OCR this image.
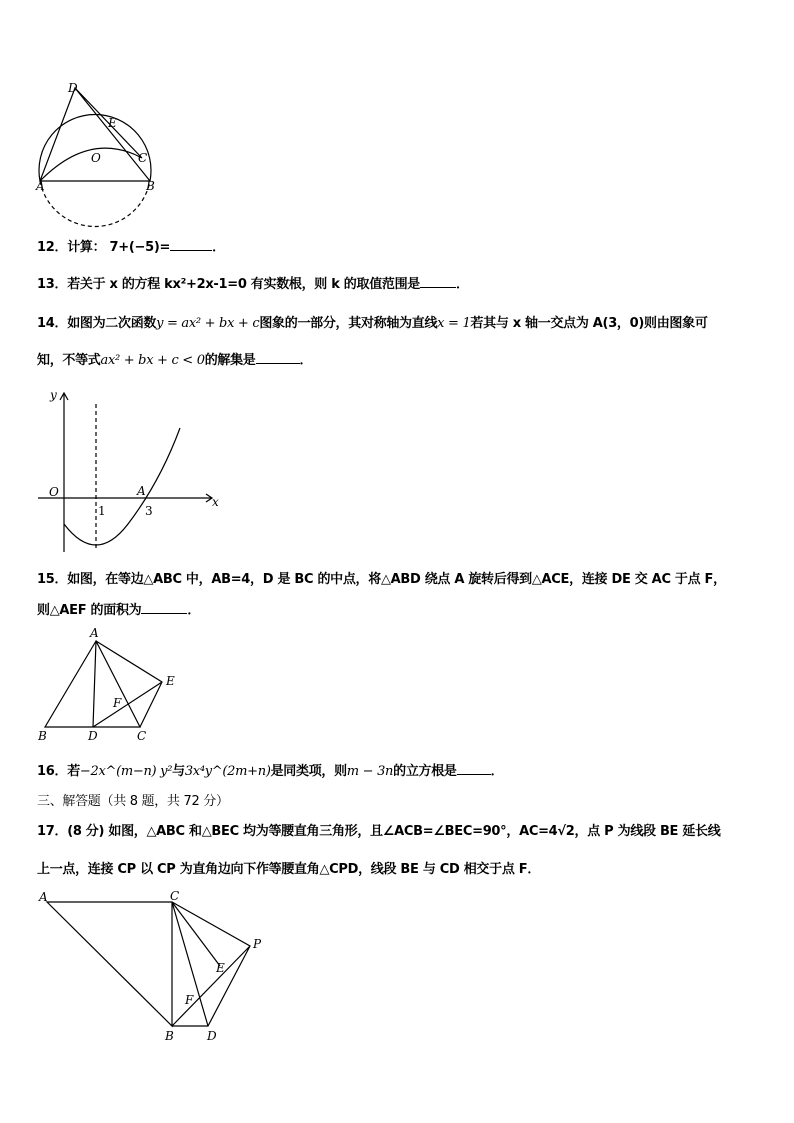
D
E
O	C
A	B
y
O
1
A
3
x
A
E
F
B	D	C
A	C
P
E
F
B	D
12．计算： 7+(−5)=	．
13．若关于 x 的方程 kx²+2x-1=0 有实数根，则 k 的取值范围是	．
14．如图为二次函数y = ax² + bx + c图象的一部分，其对称轴为直线x = 1若其与 x 轴一交点为 A(3，0)则由图象可
知，不等式ax² + bx + c < 0的解集是	．
15．如图，在等边△ABC 中，AB=4，D 是 BC 的中点，将△ABD 绕点 A 旋转后得到△ACE，连接 DE 交 AC 于点 F，
则△AEF 的面积为	．
16．若−2x^(m−n) y²与3x⁴y^(2m+n)是同类项，则m − 3n的立方根是	．
三、解答题（共 8 题，共 72 分）
17．(8 分) 如图，△ABC 和△BEC 均为等腰直角三角形，且∠ACB=∠BEC=90°，AC=4√2，点 P 为线段 BE 延长线
上一点，连接 CP 以 CP 为直角边向下作等腰直角△CPD，线段 BE 与 CD 相交于点 F．
